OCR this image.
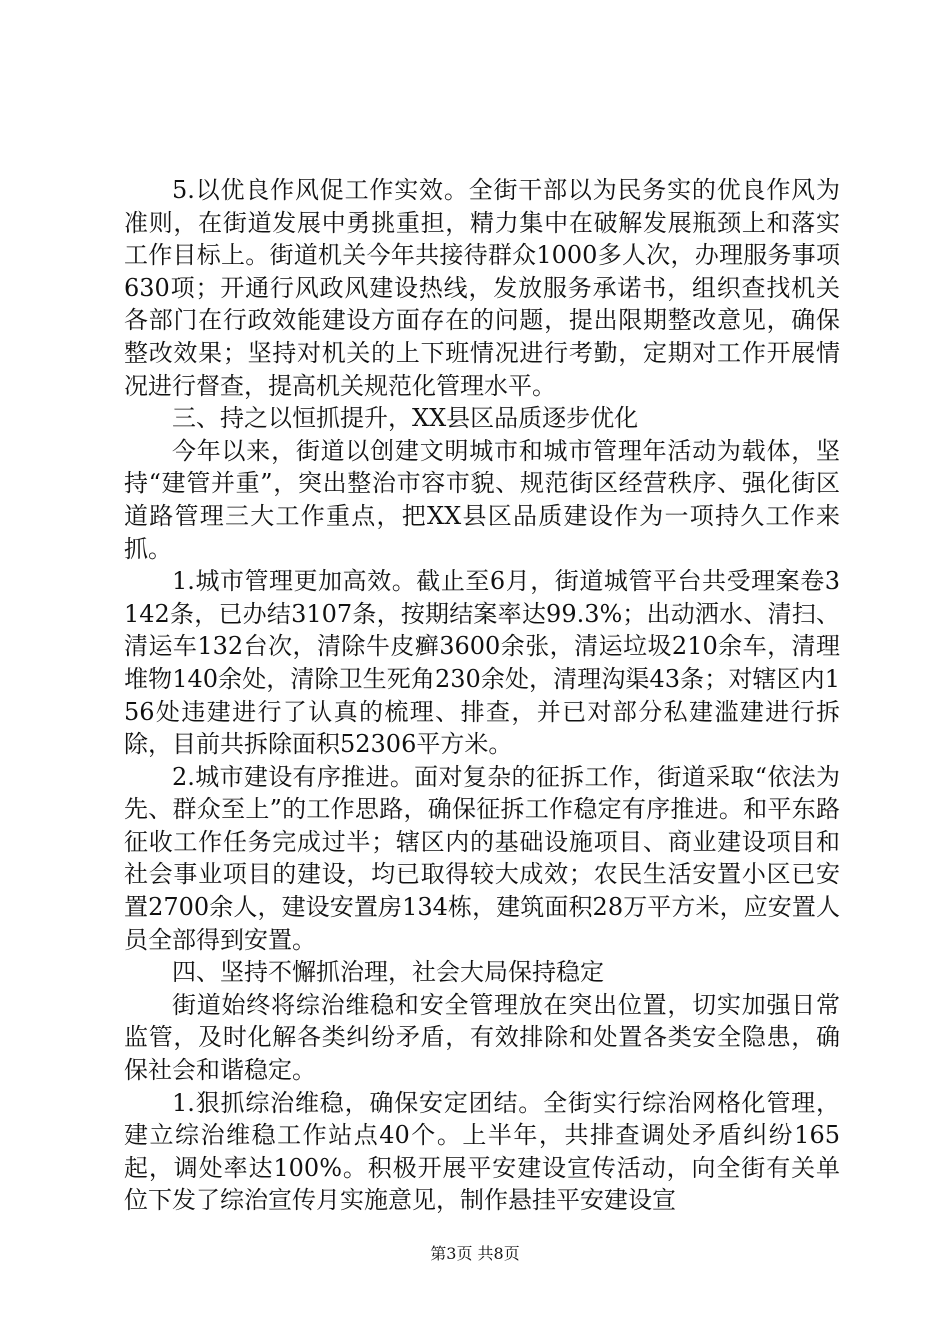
5.以优良作风促工作实效。全街干部以为民务实的优良作风为准则，在街道发展中勇挑重担，精力集中在破解发展瓶颈上和落实工作目标上。街道机关今年共接待群众1000多人次，办理服务事项630项；开通行风政风建设热线，发放服务承诺书，组织查找机关各部门在行政效能建设方面存在的问题，提出限期整改意见，确保整改效果；坚持对机关的上下班情况进行考勤，定期对工作开展情况进行督查，提高机关规范化管理水平。

三、持之以恒抓提升，XX县区品质逐步优化

今年以来，街道以创建文明城市和城市管理年活动为载体，坚持“建管并重”，突出整治市容市貌、规范街区经营秩序、强化街区道路管理三大工作重点，把XX县区品质建设作为一项持久工作来抓。

1.城市管理更加高效。截止至6月，街道城管平台共受理案卷3142条，已办结3107条，按期结案率达99.3%；出动洒水、清扫、清运车132台次，清除牛皮癣3600余张，清运垃圾210余车，清理堆物140余处，清除卫生死角230余处，清理沟渠43条；对辖区内156处违建进行了认真的梳理、排查，并已对部分私建滥建进行拆除，目前共拆除面积52306平方米。

2.城市建设有序推进。面对复杂的征拆工作，街道采取“依法为先、群众至上”的工作思路，确保征拆工作稳定有序推进。和平东路征收工作任务完成过半；辖区内的基础设施项目、商业建设项目和社会事业项目的建设，均已取得较大成效；农民生活安置小区已安置2700余人，建设安置房134栋，建筑面积28万平方米，应安置人员全部得到安置。

四、坚持不懈抓治理，社会大局保持稳定

街道始终将综治维稳和安全管理放在突出位置，切实加强日常监管，及时化解各类纠纷矛盾，有效排除和处置各类安全隐患，确保社会和谐稳定。

1.狠抓综治维稳，确保安定团结。全街实行综治网格化管理，建立综治维稳工作站点40个。上半年，共排查调处矛盾纠纷165起，调处率达100%。积极开展平安建设宣传活动，向全街有关单位下发了综治宣传月实施意见，制作悬挂平安建设宣

第3页 共8页
